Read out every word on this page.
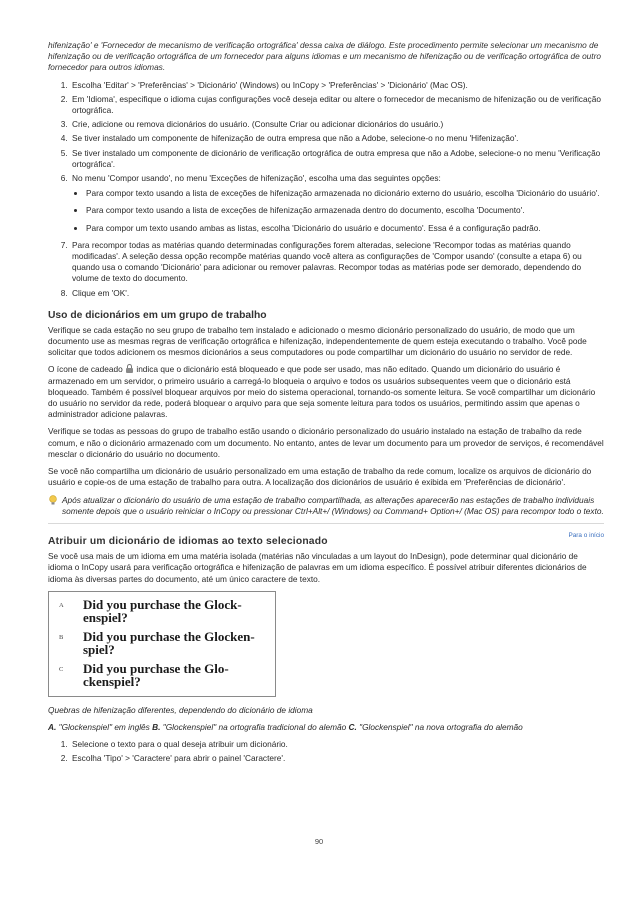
hifenização' e 'Fornecedor de mecanismo de verificação ortográfica' dessa caixa de diálogo. Este procedimento permite selecionar um mecanismo de hifenização ou de verificação ortográfica de um fornecedor para alguns idiomas e um mecanismo de hifenização ou de verificação ortográfica de outro fornecedor para outros idiomas.

1. Escolha 'Editar' > 'Preferências' > 'Dicionário' (Windows) ou InCopy > 'Preferências' > 'Dicionário' (Mac OS).
2. Em 'Idioma', especifique o idioma cujas configurações você deseja editar ou altere o fornecedor de mecanismo de hifenização ou de verificação ortográfica.
3. Crie, adicione ou remova dicionários do usuário. (Consulte Criar ou adicionar dicionários do usuário.)
4. Se tiver instalado um componente de hifenização de outra empresa que não a Adobe, selecione-o no menu 'Hifenização'.
5. Se tiver instalado um componente de dicionário de verificação ortográfica de outra empresa que não a Adobe, selecione-o no menu 'Verificação ortográfica'.
6. No menu 'Compor usando', no menu 'Exceções de hifenização', escolha uma das seguintes opções:
• Para compor texto usando a lista de exceções de hifenização armazenada no dicionário externo do usuário, escolha 'Dicionário do usuário'.
• Para compor texto usando a lista de exceções de hifenização armazenada dentro do documento, escolha 'Documento'.
• Para compor um texto usando ambas as listas, escolha 'Dicionário do usuário e documento'. Essa é a configuração padrão.
7. Para recompor todas as matérias quando determinadas configurações forem alteradas, selecione 'Recompor todas as matérias quando modificadas'. A seleção dessa opção recompõe matérias quando você altera as configurações de 'Compor usando' (consulte a etapa 6) ou quando usa o comando 'Dicionário' para adicionar ou remover palavras. Recompor todas as matérias pode ser demorado, dependendo do volume de texto do documento.
8. Clique em 'OK'.
Uso de dicionários em um grupo de trabalho

Verifique se cada estação no seu grupo de trabalho tem instalado e adicionado o mesmo dicionário personalizado do usuário, de modo que um documento use as mesmas regras de verificação ortográfica e hifenização, independentemente de quem esteja executando o trabalho. Você pode solicitar que todos adicionem os mesmos dicionários a seus computadores ou pode compartilhar um dicionário do usuário no servidor de rede.

O ícone de cadeado
indica que o dicionário está bloqueado e que pode ser usado, mas não editado. Quando um dicionário do usuário é armazenado em um servidor, o primeiro usuário a carregá-lo bloqueia o arquivo e todos os usuários subsequentes veem que o dicionário está bloqueado. Também é possível bloquear arquivos por meio do sistema operacional, tornando-os somente leitura. Se você compartilhar um dicionário do usuário no servidor da rede, poderá bloquear o arquivo para que seja somente leitura para todos os usuários, permitindo assim que apenas o administrador adicione palavras.

Verifique se todas as pessoas do grupo de trabalho estão usando o dicionário personalizado do usuário instalado na estação de trabalho da rede comum, e não o dicionário armazenado com um documento. No entanto, antes de levar um documento para um provedor de serviços, é recomendável mesclar o dicionário do usuário no documento.

Se você não compartilha um dicionário de usuário personalizado em uma estação de trabalho da rede comum, localize os arquivos de dicionário do usuário e copie-os de uma estação de trabalho para outra. A localização dos dicionários de usuário é exibida em 'Preferências de dicionário'.

Após atualizar o dicionário do usuário de uma estação de trabalho compartilhada, as alterações aparecerão nas estações de trabalho individuais somente depois que o usuário reiniciar o InCopy ou pressionar Ctrl+Alt+/ (Windows) ou Command+ Option+/ (Mac OS) para recompor todo o texto.
Atribuir um dicionário de idiomas ao texto selecionado
Para o início

Se você usa mais de um idioma em uma matéria isolada (matérias não vinculadas a um layout do InDesign), pode determinar qual dicionário de idioma o InCopy usará para verificação ortográfica e hifenização de palavras em um idioma específico. É possível atribuir diferentes dicionários de idioma às diversas partes do documento, até um único caractere de texto.

A Did you purchase the Glock-
enspiel?
B Did you purchase the Glocken-
spiel?
C Did you purchase the Glo-
ckenspiel?

Quebras de hifenização diferentes, dependendo do dicionário de idioma

A. "Glockenspiel" em inglês B. "Glockenspiel" na ortografia tradicional do alemão C. "Glockenspiel" na nova ortografia do alemão

1. Selecione o texto para o qual deseja atribuir um dicionário.
2. Escolha 'Tipo' > 'Caractere' para abrir o painel 'Caractere'.
90
